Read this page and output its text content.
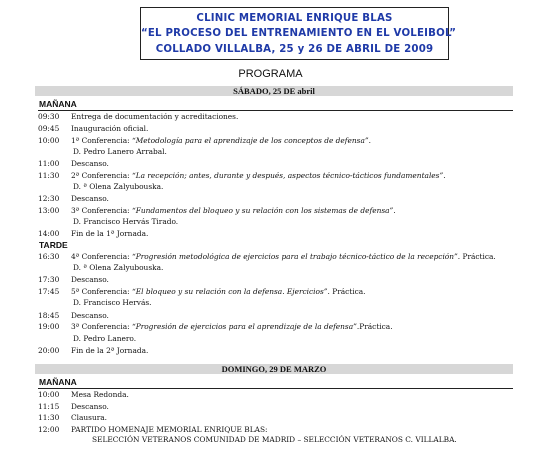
CLINIC MEMORIAL ENRIQUE BLAS
“EL PROCESO DEL ENTRENAMIENTO EN EL VOLEIBOL”
COLLADO VILLALBA, 25 y 26 DE ABRIL DE 2009
PROGRAMA
SÁBADO, 25 DE abril
MAÑANA
09:30 Entrega de documentación y acreditaciones.
09:45 Inauguración oficial.
10:00 1ª Conferencia: “Metodología para el aprendizaje de los conceptos de defensa”.
D. Pedro Lanero Arrabal.
11:00 Descanso.
11:30 2ª Conferencia: “La recepción; antes, durante y después, aspectos técnico-tácticos fundamentales”.
D. ª Olena Zalyubouska.
12:30 Descanso.
13:00 3ª Conferencia: “Fundamentos del bloqueo y su relación con los sistemas de defensa”.
D. Francisco Hervás Tirado.
14:00 Fin de la 1ª Jornada.
TARDE
16:30 4ª Conferencia: “Progresión metodológica de ejercicios para el trabajo técnico-táctico de la recepción”. Práctica.
D. ª Olena Zalyubouska.
17:30 Descanso.
17:45 5ª Conferencia: “El bloqueo y su relación con la defensa. Ejercicios”. Práctica.
D. Francisco Hervás.
18:45 Descanso.
19:00 3ª Conferencia: “Progresión de ejercicios para el aprendizaje de la defensa”.Práctica.
D. Pedro Lanero.
20:00 Fin de la 2ª Jornada.
DOMINGO, 29 DE MARZO
MAÑANA
10:00 Mesa Redonda.
11:15 Descanso.
11:30 Clausura.
12:00 PARTIDO HOMENAJE MEMORIAL ENRIQUE BLAS:
SELECCIÓN VETERANOS COMUNIDAD DE MADRID – SELECCIÓN VETERANOS C. VILLALBA.
